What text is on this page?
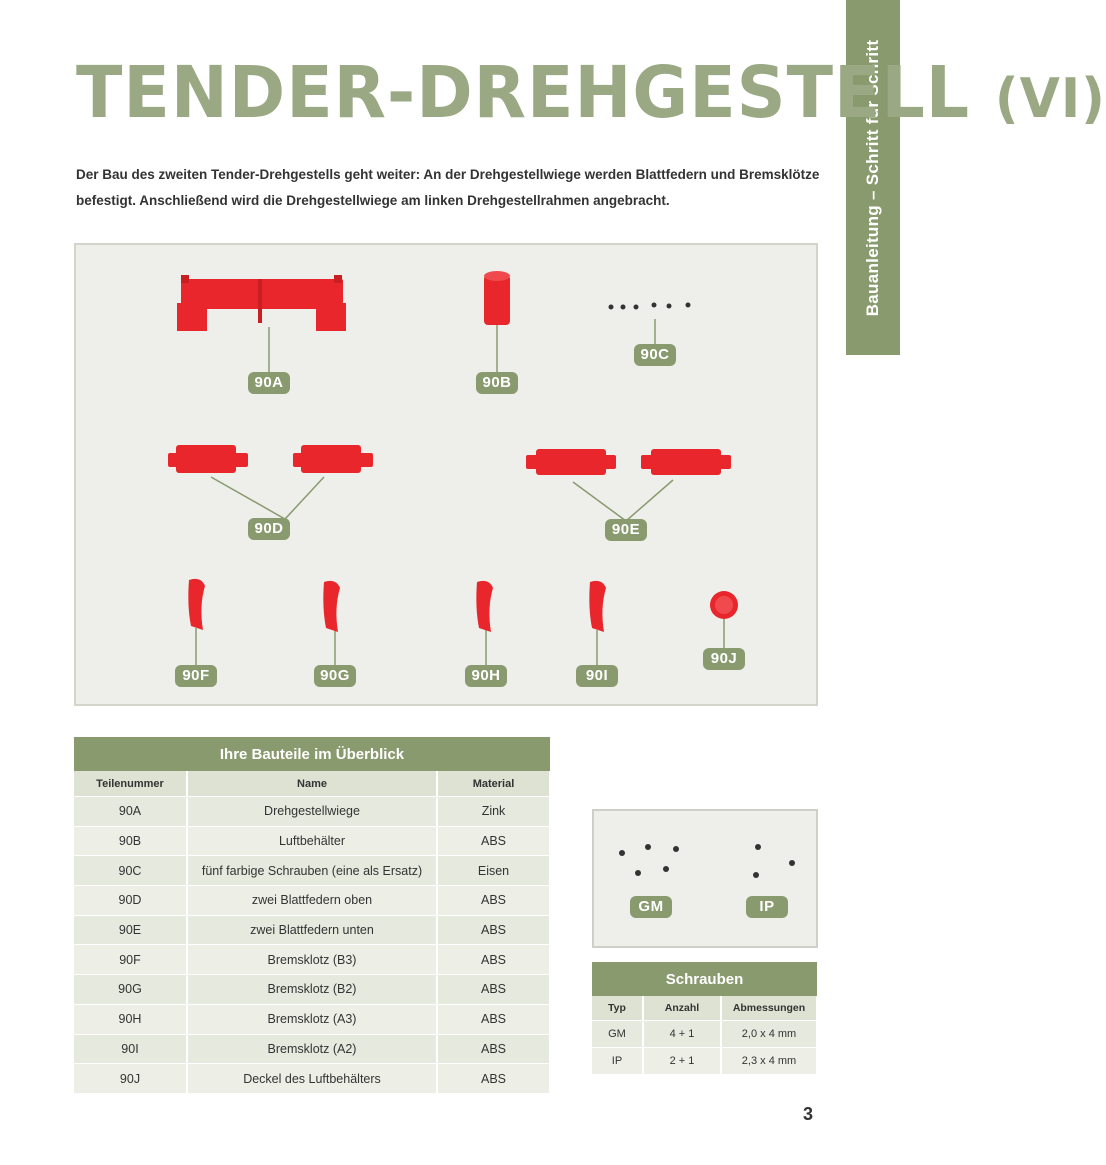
Bauanleitung – Schritt für Schritt
TENDER-DREHGESTELL (VI)
Der Bau des zweiten Tender-Drehgestells geht weiter: An der Drehgestellwiege werden Blattfedern und Bremsklötze befestigt. Anschließend wird die Drehgestellwiege am linken Drehgestellrahmen angebracht.
90A	90B
90C
90D	90E
90F	90G	90H	90I
90J
Ihre Bauteile im Überblick		
Teilenummer	Name	Material
90A	Drehgestellwiege	Zink
90B	Luftbehälter	ABS
90C	fünf farbige Schrauben (eine als Ersatz)	Eisen
90D	zwei Blattfedern oben	ABS
90E	zwei Blattfedern unten	ABS
90F	Bremsklotz (B3)	ABS
90G	Bremsklotz (B2)	ABS
90H	Bremsklotz (A3)	ABS
90I	Bremsklotz (A2)	ABS
90J	Deckel des Luftbehälters	ABS
GM	IP
Schrauben		
Typ	Anzahl	Abmessungen
GM	4 + 1	2,0 x 4 mm
IP	2 + 1	2,3 x 4 mm
3
